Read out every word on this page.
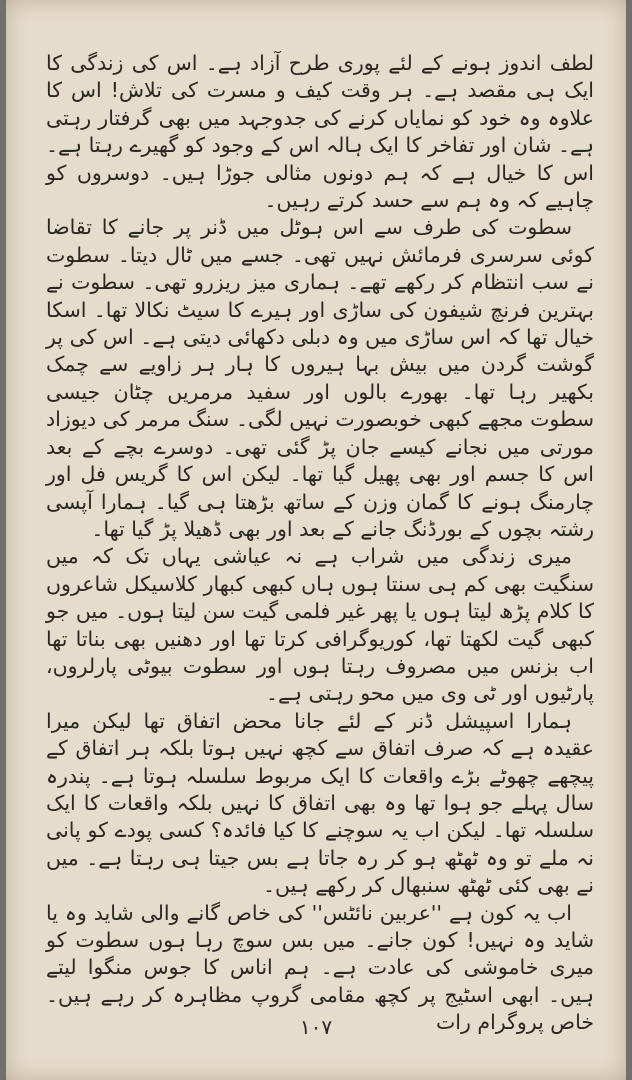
لطف اندوز ہونے کے لئے پوری طرح آزاد ہے۔ اس کی زندگی کا ایک ہی مقصد ہے۔ ہر وقت کیف و مسرت کی تلاش! اس کا علاوہ وہ خود کو نمایاں کرنے کی جدوجہد میں بھی گرفتار رہتی ہے۔ شان اور تفاخر کا ایک ہالہ اس کے وجود کو گھیرے رہتا ہے۔ اس کا خیال ہے کہ ہم دونوں مثالی جوڑا ہیں۔ دوسروں کو چاہیے کہ وہ ہم سے حسد کرتے رہیں۔

سطوت کی طرف سے اس ہوٹل میں ڈنر پر جانے کا تقاضا کوئی سرسری فرمائش نہیں تھی۔ جسے میں ٹال دیتا۔ سطوت نے سب انتظام کر رکھے تھے۔ ہماری میز ریزرو تھی۔ سطوت نے بہترین فرنچ شیفون کی ساڑی اور ہیرے کا سیٹ نکالا تھا۔ اسکا خیال تھا کہ اس ساڑی میں وہ دبلی دکھائی دیتی ہے۔ اس کی پر گوشت گردن میں بیش بہا ہیروں کا ہار ہر زاویے سے چمک بکھیر رہا تھا۔ بھورے بالوں اور سفید مرمریں چٹان جیسی سطوت مجھے کبھی خوبصورت نہیں لگی۔ سنگ مرمر کی دیوزاد مورتی میں نجانے کیسے جان پڑ گئی تھی۔ دوسرے بچے کے بعد اس کا جسم اور بھی پھیل گیا تھا۔ لیکن اس کا گریس فل اور چارمنگ ہونے کا گمان وزن کے ساتھ بڑھتا ہی گیا۔ ہمارا آپسی رشتہ بچوں کے بورڈنگ جانے کے بعد اور بھی ڈھیلا پڑ گیا تھا۔

میری زندگی میں شراب ہے نہ عیاشی یہاں تک کہ میں سنگیت بھی کم ہی سنتا ہوں ہاں کبھی کبھار کلاسیکل شاعروں کا کلام پڑھ لیتا ہوں یا پھر غیر فلمی گیت سن لیتا ہوں۔ میں جو کبھی گیت لکھتا تھا، کوریوگرافی کرتا تھا اور دھنیں بھی بناتا تھا اب بزنس میں مصروف رہتا ہوں اور سطوت بیوٹی پارلروں، پارٹیوں اور ٹی وی میں محو رہتی ہے۔

ہمارا اسپیشل ڈنر کے لئے جانا محض اتفاق تھا لیکن میرا عقیدہ ہے کہ صرف اتفاق سے کچھ نہیں ہوتا بلکہ ہر اتفاق کے پیچھے چھوٹے بڑے واقعات کا ایک مربوط سلسلہ ہوتا ہے۔ پندرہ سال پہلے جو ہوا تھا وہ بھی اتفاق کا نہیں بلکہ واقعات کا ایک سلسلہ تھا۔ لیکن اب یہ سوچنے کا کیا فائدہ؟ کسی پودے کو پانی نہ ملے تو وہ ٹھٹھ ہو کر رہ جاتا ہے بس جیتا ہی رہتا ہے۔ میں نے بھی کئی ٹھٹھ سنبھال کر رکھے ہیں۔

اب یہ کون ہے ''عربین نائٹس'' کی خاص گانے والی شاید وہ یا شاید وہ نہیں! کون جانے۔ میں بس سوچ رہا ہوں سطوت کو میری خاموشی کی عادت ہے۔ ہم اناس کا جوس منگوا لیتے ہیں۔ ابھی اسٹیج پر کچھ مقامی گروپ مظاہرہ کر رہے ہیں۔ خاص پروگرام رات

۱۰۷
